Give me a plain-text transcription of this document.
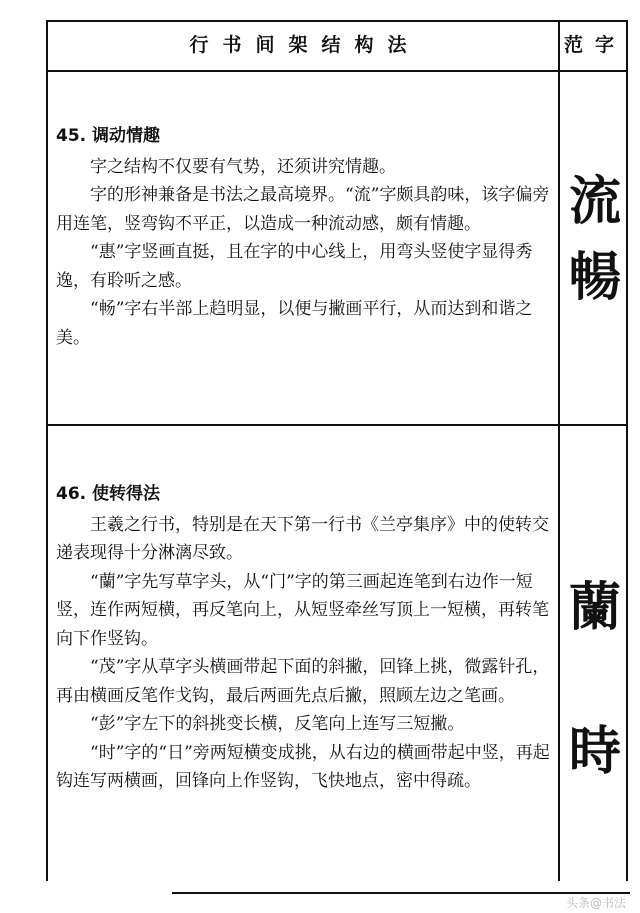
行书间架结构法	范字
45. 调动情趣

字之结构不仅要有气势，还须讲究情趣。

字的形神兼备是书法之最高境界。“流”字颇具韵味，该字偏旁用连笔，竖弯钩不平正，以造成一种流动感，颇有情趣。

“惠”字竖画直挺，且在字的中心线上，用弯头竖使字显得秀逸，有聆听之感。

“畅”字右半部上趋明显，以便与撇画平行，从而达到和谐之美。

流
暢
46. 使转得法

王羲之行书，特别是在天下第一行书《兰亭集序》中的使转交递表现得十分淋漓尽致。

“蘭”字先写草字头，从“门”字的第三画起连笔到右边作一短竖，连作两短横，再反笔向上，从短竖牵丝写顶上一短横，再转笔向下作竖钩。

“茂”字从草字头横画带起下面的斜撇，回锋上挑，微露针孔，再由横画反笔作戈钩，最后两画先点后撇，照顾左边之笔画。

“彭”字左下的斜挑变长横，反笔向上连写三短撇。

“时”字的“日”旁两短横变成挑，从右边的横画带起中竖，再起钩连写两横画，回锋向上作竖钩，飞快地点，密中得疏。

蘭
時
头条@书法
